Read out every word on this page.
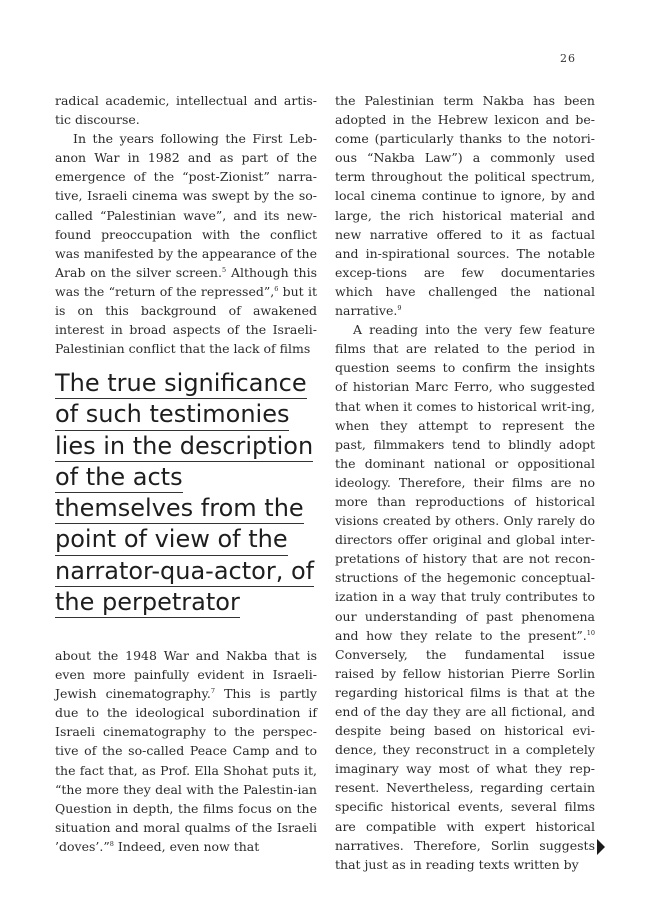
26

radical academic, intellectual and artis-tic discourse.

In the years following the First Leb-anon War in 1982 and as part of the emergence of the “post-Zionist” narra-tive, Israeli cinema was swept by the so-called “Palestinian wave”, and its new-found preoccupation with the conflict was manifested by the appearance of the Arab on the silver screen.$^5$ Although this was the “return of the repressed”,$^6$ but it is on this background of awakened interest in broad aspects of the Israeli-Palestinian conflict that the lack of films

The true significance
of such testimonies
lies in the description
of the acts
themselves from the
point of view of the
narrator-qua-actor, of
the perpetrator

about the 1948 War and Nakba that is even more painfully evident in Israeli-Jewish cinematography.$^7$ This is partly due to the ideological subordination if Israeli cinematography to the perspec-tive of the so-called Peace Camp and to the fact that, as Prof. Ella Shohat puts it, “the more they deal with the Palestin-ian Question in depth, the films focus on the situation and moral qualms of the Israeli ’doves’.”$^8$ Indeed, even now that

the Palestinian term Nakba has been adopted in the Hebrew lexicon and be-come (particularly thanks to the notori-ous “Nakba Law”) a commonly used term throughout the political spectrum, local cinema continue to ignore, by and large, the rich historical material and new narrative offered to it as factual and in-spirational sources. The notable excep-tions are few documentaries which have challenged the national narrative.$^9$

A reading into the very few feature films that are related to the period in question seems to confirm the insights of historian Marc Ferro, who suggested that when it comes to historical writ-ing, when they attempt to represent the past, filmmakers tend to blindly adopt the dominant national or oppositional ideology. Therefore, their films are no more than reproductions of historical visions created by others. Only rarely do directors offer original and global inter-pretations of history that are not recon-structions of the hegemonic conceptual-ization in a way that truly contributes to our understanding of past phenomena and how they relate to the present”.$^{10}$ Conversely, the fundamental issue raised by fellow historian Pierre Sorlin regarding historical films is that at the end of the day they are all fictional, and despite being based on historical evi-dence, they reconstruct in a completely imaginary way most of what they rep-resent. Nevertheless, regarding certain specific historical events, several films are compatible with expert historical narratives. Therefore, Sorlin suggests that just as in reading texts written by
